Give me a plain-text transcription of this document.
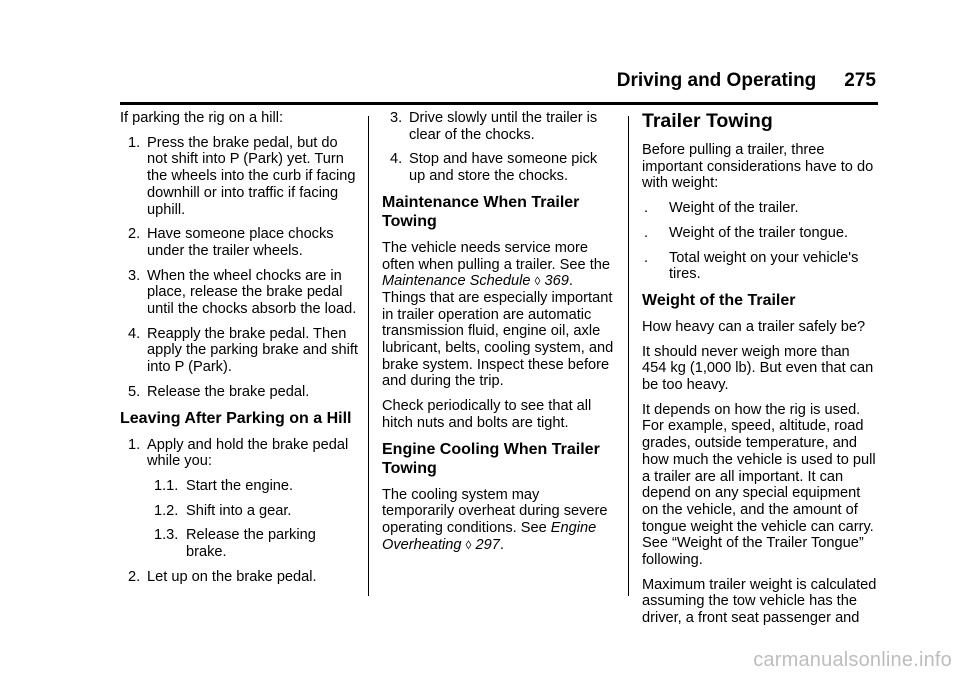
Driving and Operating 275

If parking the rig on a hill:

1. Press the brake pedal, but do not shift into P (Park) yet. Turn the wheels into the curb if facing downhill or into traffic if facing uphill.
2. Have someone place chocks under the trailer wheels.
3. When the wheel chocks are in place, release the brake pedal until the chocks absorb the load.
4. Reapply the brake pedal. Then apply the parking brake and shift into P (Park).
5. Release the brake pedal.
Leaving After Parking on a Hill
1. Apply and hold the brake pedal while you:
1.1. Start the engine.
1.2. Shift into a gear.
1.3. Release the parking brake.
2. Let up on the brake pedal.
3. Drive slowly until the trailer is clear of the chocks.
4. Stop and have someone pick up and store the chocks.
Maintenance When Trailer Towing

The vehicle needs service more often when pulling a trailer. See the Maintenance Schedule ◊ 369. Things that are especially important in trailer operation are automatic transmission fluid, engine oil, axle lubricant, belts, cooling system, and brake system. Inspect these before and during the trip.

Check periodically to see that all hitch nuts and bolts are tight.

Engine Cooling When Trailer Towing

The cooling system may temporarily overheat during severe operating conditions. See Engine Overheating ◊ 297.

Trailer Towing

Before pulling a trailer, three important considerations have to do with weight:

. Weight of the trailer.
. Weight of the trailer tongue.
. Total weight on your vehicle's tires.
Weight of the Trailer

How heavy can a trailer safely be?

It should never weigh more than 454 kg (1,000 lb). But even that can be too heavy.

It depends on how the rig is used. For example, speed, altitude, road grades, outside temperature, and how much the vehicle is used to pull a trailer are all important. It can depend on any special equipment on the vehicle, and the amount of tongue weight the vehicle can carry. See “Weight of the Trailer Tongue” following.

Maximum trailer weight is calculated assuming the tow vehicle has the driver, a front seat passenger and

carmanualsonline.info
